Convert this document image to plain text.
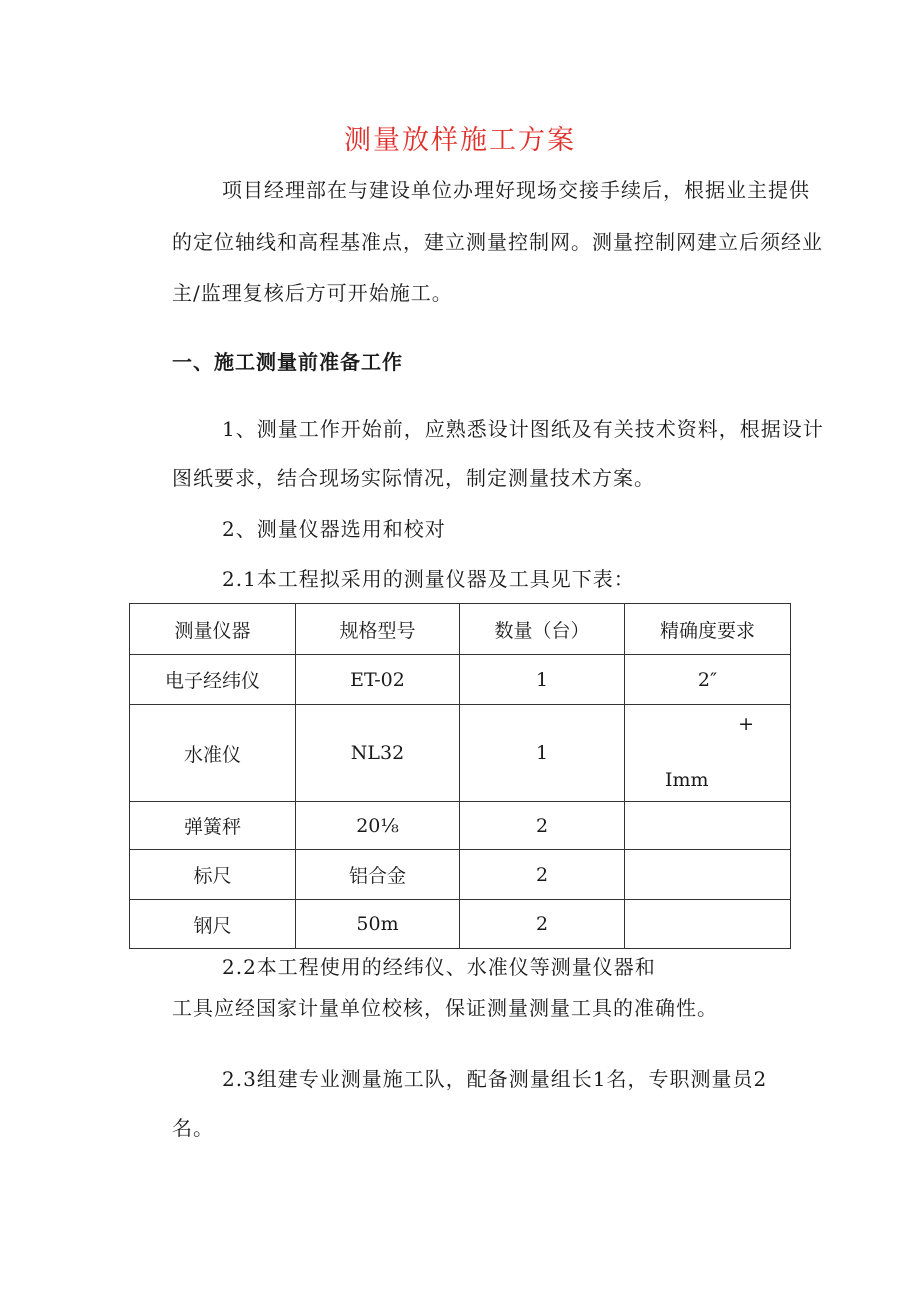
测量放样施工方案
项目经理部在与建设单位办理好现场交接手续后，根据业主提供
的定位轴线和高程基准点，建立测量控制网。测量控制网建立后须经业
主/监理复核后方可开始施工。
一、施工测量前准备工作
1、测量工作开始前，应熟悉设计图纸及有关技术资料，根据设计
图纸要求，结合现场实际情况，制定测量技术方案。
2、测量仪器选用和校对
2.1本工程拟采用的测量仪器及工具见下表：
测量仪器	规格型号	数量（台）	精确度要求
电子经纬仪	ET-02	1	2″
水准仪	NL32	1	+
Imm

弹簧秤	20⅛	2	
标尺	铝合金	2	
钢尺	50m	2	
2.2本工程使用的经纬仪、水准仪等测量仪器和
工具应经国家计量单位校核，保证测量测量工具的准确性。
2.3组建专业测量施工队，配备测量组长1名，专职测量员2
名。
